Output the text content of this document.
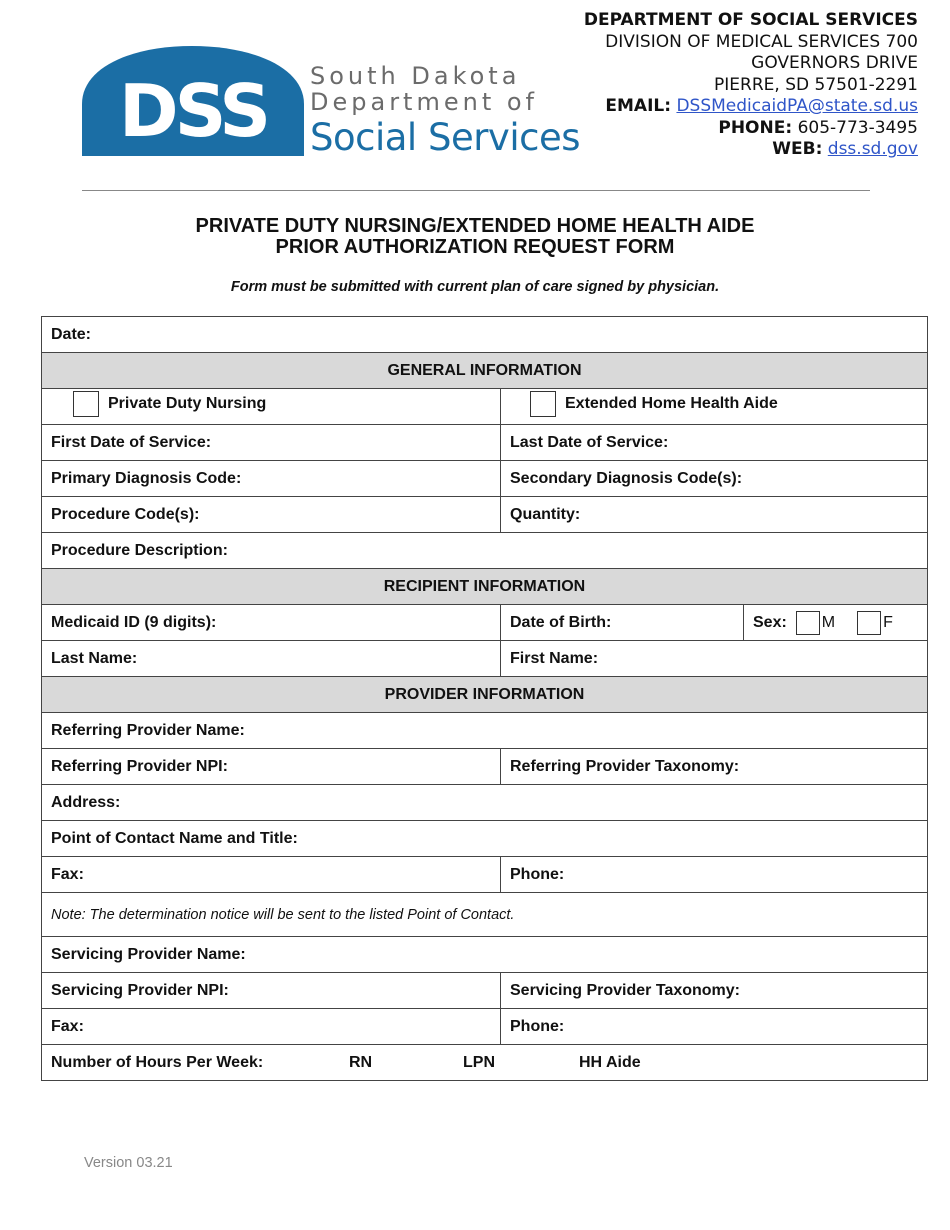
DSS South Dakota
Department of
Social Services
DEPARTMENT OF SOCIAL SERVICES
DIVISION OF MEDICAL SERVICES 700
GOVERNORS DRIVE
PIERRE, SD 57501-2291
EMAIL: DSSMedicaidPA@state.sd.us
PHONE: 605-773-3495
WEB: dss.sd.gov
PRIVATE DUTY NURSING/EXTENDED HOME HEALTH AIDE
PRIOR AUTHORIZATION REQUEST FORM
Form must be submitted with current plan of care signed by physician.
Date:		
GENERAL INFORMATION		

Private Duty Nursing	Extended Home Health Aide	

First Date of Service:	Last Date of Service:	
Primary Diagnosis Code:	Secondary Diagnosis Code(s):	
Procedure Code(s):	Quantity:	
Procedure Description:		
RECIPIENT INFORMATION		
Medicaid ID (9 digits):	Date of Birth:	Sex: M F

Last Name:	First Name:	
PROVIDER INFORMATION		
Referring Provider Name:		
Referring Provider NPI:	Referring Provider Taxonomy:	
Address:		
Point of Contact Name and Title:		
Fax:	Phone:	
Note: The determination notice will be sent to the listed Point of Contact.		
Servicing Provider Name:		
Servicing Provider NPI:	Servicing Provider Taxonomy:	
Fax:	Phone:	

Number of Hours Per Week: RN LPN HH Aide		
Version 03.21
